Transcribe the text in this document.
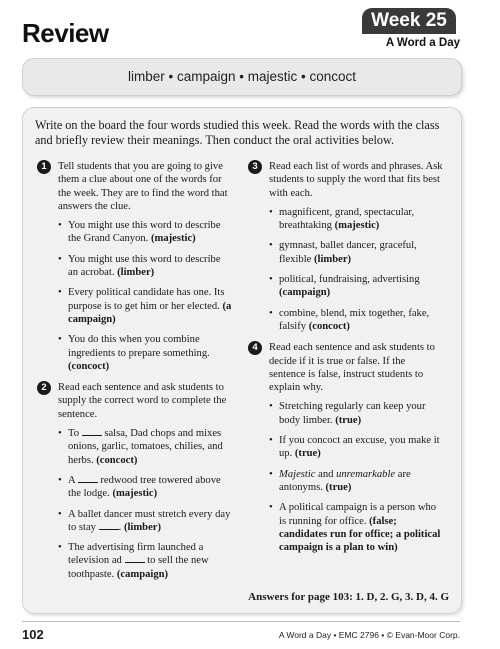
Review	Week 25
A Word a Day
limber • campaign • majestic • concoct
Write on the board the four words studied this week. Read the words with the class and briefly review their meanings. Then conduct the oral activities below.
1	Tell students that you are going to give them a clue about one of the words for the week. They are to find the word that answers the clue.
• You might use this word to describe the Grand Canyon. (majestic)
• You might use this word to describe an acrobat. (limber)
• Every political candidate has one. Its purpose is to get him or her elected. (a campaign)
• You do this when you combine ingredients to prepare something. (concoct)
2	Read each sentence and ask students to supply the correct word to complete the sentence.
• To salsa, Dad chops and mixes onions, garlic, tomatoes, chilies, and herbs. (concoct)
• A redwood tree towered above the lodge. (majestic)
• A ballet dancer must stretch every day to stay . (limber)
• The advertising firm launched a television ad to sell the new toothpaste. (campaign)
3	Read each list of words and phrases. Ask students to supply the word that fits best with each.
• magnificent, grand, spectacular, breathtaking (majestic)
• gymnast, ballet dancer, graceful, flexible (limber)
• political, fundraising, advertising (campaign)
• combine, blend, mix together, fake, falsify (concoct)
4	Read each sentence and ask students to decide if it is true or false. If the sentence is false, instruct students to explain why.
• Stretching regularly can keep your body limber. (true)
• If you concoct an excuse, you make it up. (true)
• Majestic and unremarkable are antonyms. (true)
• A political campaign is a person who is running for office. (false; candidates run for office; a political campaign is a plan to win)
Answers for page 103: 1. D, 2. G, 3. D, 4. G
102	A Word a Day • EMC 2796 • © Evan-Moor Corp.
